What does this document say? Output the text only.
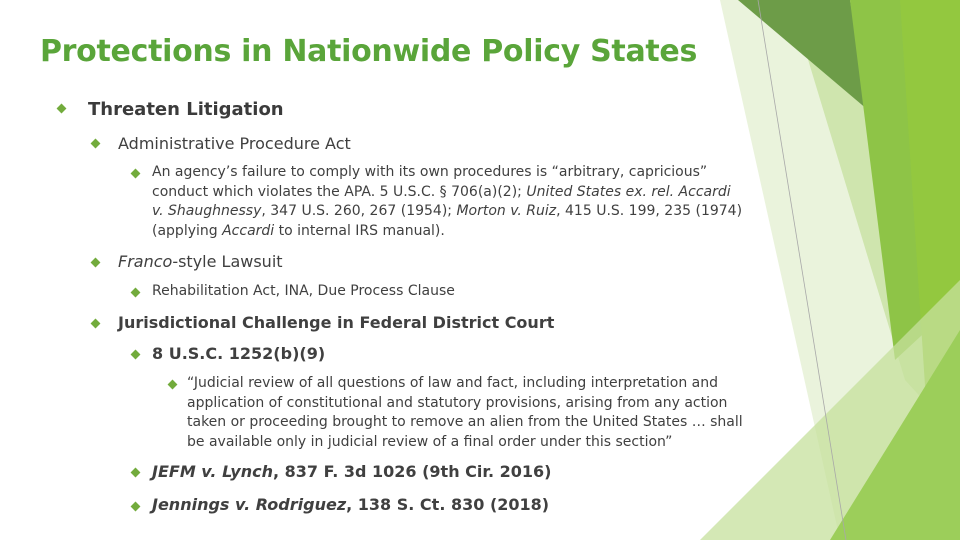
Protections in Nationwide Policy States
Threaten Litigation
Administrative Procedure Act
An agency’s failure to comply with its own procedures is “arbitrary, capricious”
conduct which violates the APA. 5 U.S.C. § 706(a)(2); United States ex. rel. Accardi
v. Shaughnessy, 347 U.S. 260, 267 (1954); Morton v. Ruiz, 415 U.S. 199, 235 (1974)
(applying Accardi to internal IRS manual).
Franco-style Lawsuit
Rehabilitation Act, INA, Due Process Clause
Jurisdictional Challenge in Federal District Court
8 U.S.C. 1252(b)(9)
“Judicial review of all questions of law and fact, including interpretation and
application of constitutional and statutory provisions, arising from any action
taken or proceeding brought to remove an alien from the United States … shall
be available only in judicial review of a final order under this section”
JEFM v. Lynch, 837 F. 3d 1026 (9th Cir. 2016)
Jennings v. Rodriguez, 138 S. Ct. 830 (2018)
